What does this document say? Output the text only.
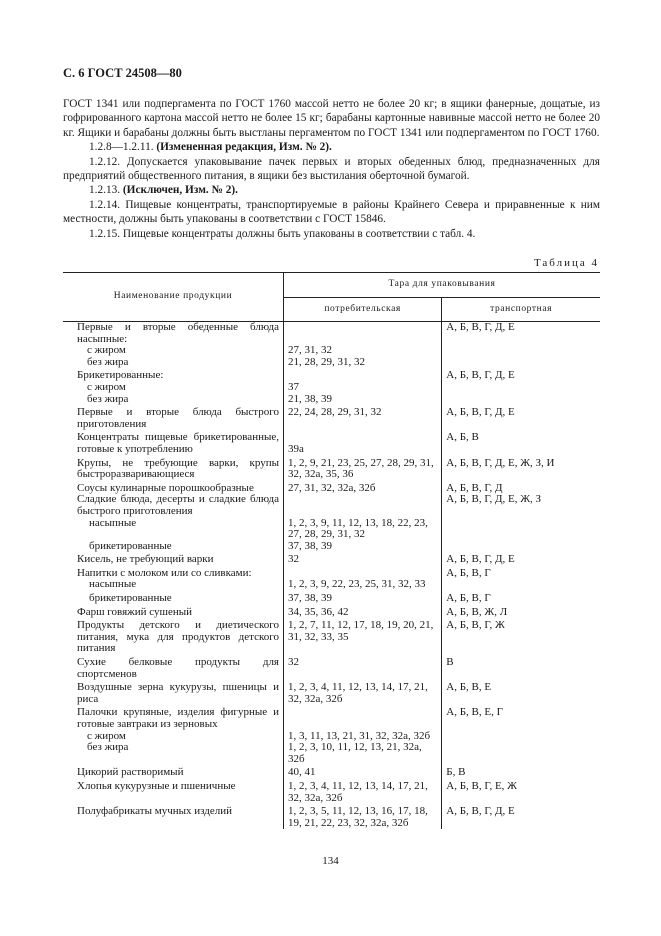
С. 6 ГОСТ 24508—80

ГОСТ 1341 или подпергамента по ГОСТ 1760 массой нетто не более 20 кг; в ящики фанерные, дощатые, из гофрированного картона массой нетто не более 15 кг; барабаны картонные навивные массой нетто не более 20 кг. Ящики и барабаны должны быть выстланы пергаментом по ГОСТ 1341 или подпергаментом по ГОСТ 1760.

1.2.8—1.2.11. (Измененная редакция, Изм. № 2).

1.2.12. Допускается упаковывание пачек первых и вторых обеденных блюд, предназначенных для предприятий общественного питания, в ящики без выстилания оберточной бумагой.

1.2.13. (Исключен, Изм. № 2).

1.2.14. Пищевые концентраты, транспортируемые в районы Крайнего Севера и приравненные к ним местности, должны быть упакованы в соответствии с ГОСТ 15846.

1.2.15. Пищевые концентраты должны быть упакованы в соответствии с табл. 4.

Таблица 4
Наименование продукции	Тара для упаковывания	
	потребительская	транспортная
Первые и вторые обеденные блюда насыпные:		А, Б, В, Г, Д, Е
с жиром	27, 31, 32	
без жира	21, 28, 29, 31, 32	
Брикетированные:		А, Б, В, Г, Д, Е
с жиром	37	
без жира	21, 38, 39	
Первые и вторые блюда быстрого приготовления	22, 24, 28, 29, 31, 32	А, Б, В, Г, Д, Е
Концентраты пищевые брикетированные, готовые к употреблению	39а	А, Б, В
Крупы, не требующие варки, крупы быстроразваривающиеся	1, 2, 9, 21, 23, 25, 27, 28, 29, 31, 32, 32а, 35, 36	А, Б, В, Г, Д, Е, Ж, З, И
Соусы кулинарные порошкообразные	27, 31, 32, 32а, 32б	А, Б, В, Г, Д
Сладкие блюда, десерты и сладкие блюда быстрого приготовления		А, Б, В, Г, Д, Е, Ж, З
насыпные	1, 2, 3, 9, 11, 12, 13, 18, 22, 23, 27, 28, 29, 31, 32	
брикетированные	37, 38, 39	
Кисель, не требующий варки	32	А, Б, В, Г, Д, Е
Напитки с молоком или со сливками:		А, Б, В, Г
насыпные	1, 2, 3, 9, 22, 23, 25, 31, 32, 33	
брикетированные	37, 38, 39	А, Б, В, Г
Фарш говяжий сушеный	34, 35, 36, 42	А, Б, В, Ж, Л
Продукты детского и диетического питания, мука для продуктов детского питания	1, 2, 7, 11, 12, 17, 18, 19, 20, 21, 31, 32, 33, 35	А, Б, В, Г, Ж
Сухие белковые продукты для спортсменов	32	В
Воздушные зерна кукурузы, пшеницы и риса	1, 2, 3, 4, 11, 12, 13, 14, 17, 21, 32, 32а, 32б	А, Б, В, Е
Палочки крупяные, изделия фигурные и готовые завтраки из зерновых		А, Б, В, Е, Г
с жиром	1, 3, 11, 13, 21, 31, 32, 32а, 32б	
без жира	1, 2, 3, 10, 11, 12, 13, 21, 32а, 32б	
Цикорий растворимый	40, 41	Б, В
Хлопья кукурузные и пшеничные	1, 2, 3, 4, 11, 12, 13, 14, 17, 21, 32, 32а, 32б	А, Б, В, Г, Е, Ж
Полуфабрикаты мучных изделий	1, 2, 3, 5, 11, 12, 13, 16, 17, 18, 19, 21, 22, 23, 32, 32а, 32б	А, Б, В, Г, Д, Е
134
